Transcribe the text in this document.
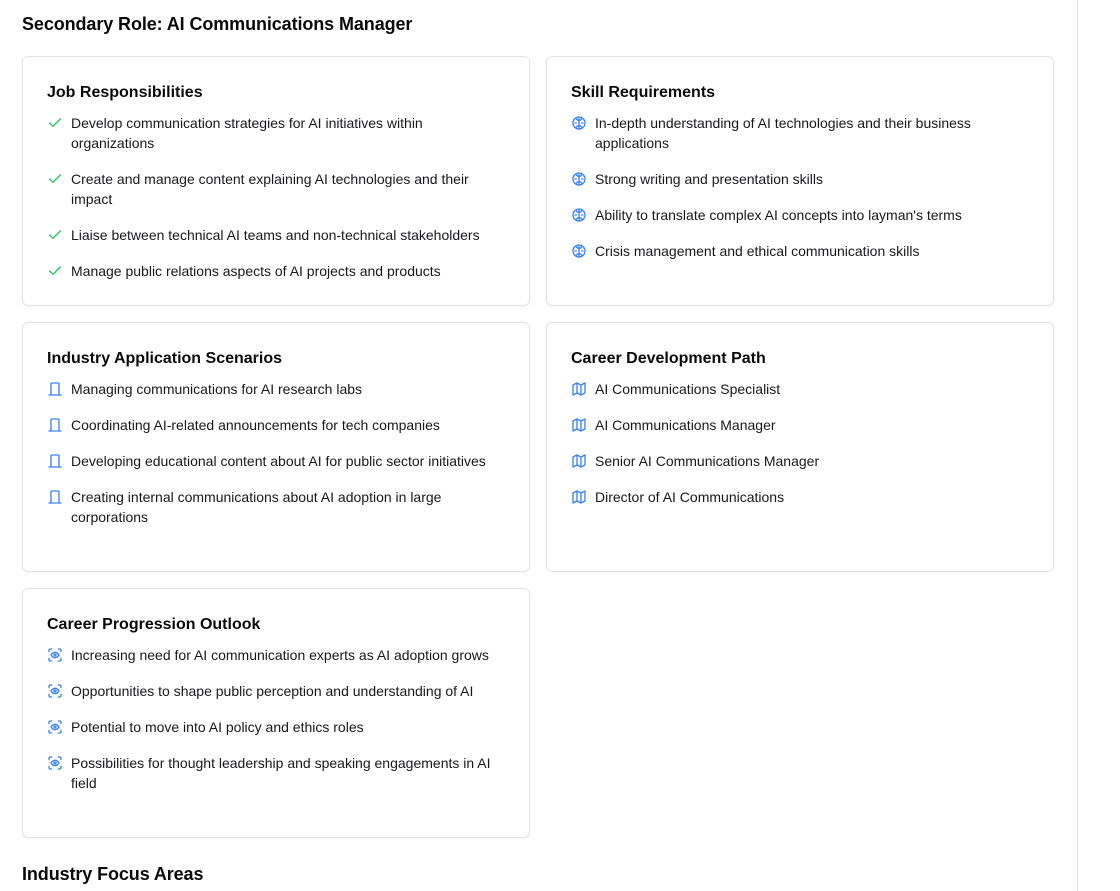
Secondary Role: AI Communications Manager
Job Responsibilities
Develop communication strategies for AI initiatives within organizations
Create and manage content explaining AI technologies and their impact
Liaise between technical AI teams and non-technical stakeholders
Manage public relations aspects of AI projects and products
Skill Requirements
In-depth understanding of AI technologies and their business applications
Strong writing and presentation skills
Ability to translate complex AI concepts into layman's terms
Crisis management and ethical communication skills
Industry Application Scenarios
Managing communications for AI research labs
Coordinating AI-related announcements for tech companies
Developing educational content about AI for public sector initiatives
Creating internal communications about AI adoption in large corporations
Career Development Path
AI Communications Specialist
AI Communications Manager
Senior AI Communications Manager
Director of AI Communications
Career Progression Outlook
Increasing need for AI communication experts as AI adoption grows
Opportunities to shape public perception and understanding of AI
Potential to move into AI policy and ethics roles
Possibilities for thought leadership and speaking engagements in AI field
Industry Focus Areas
